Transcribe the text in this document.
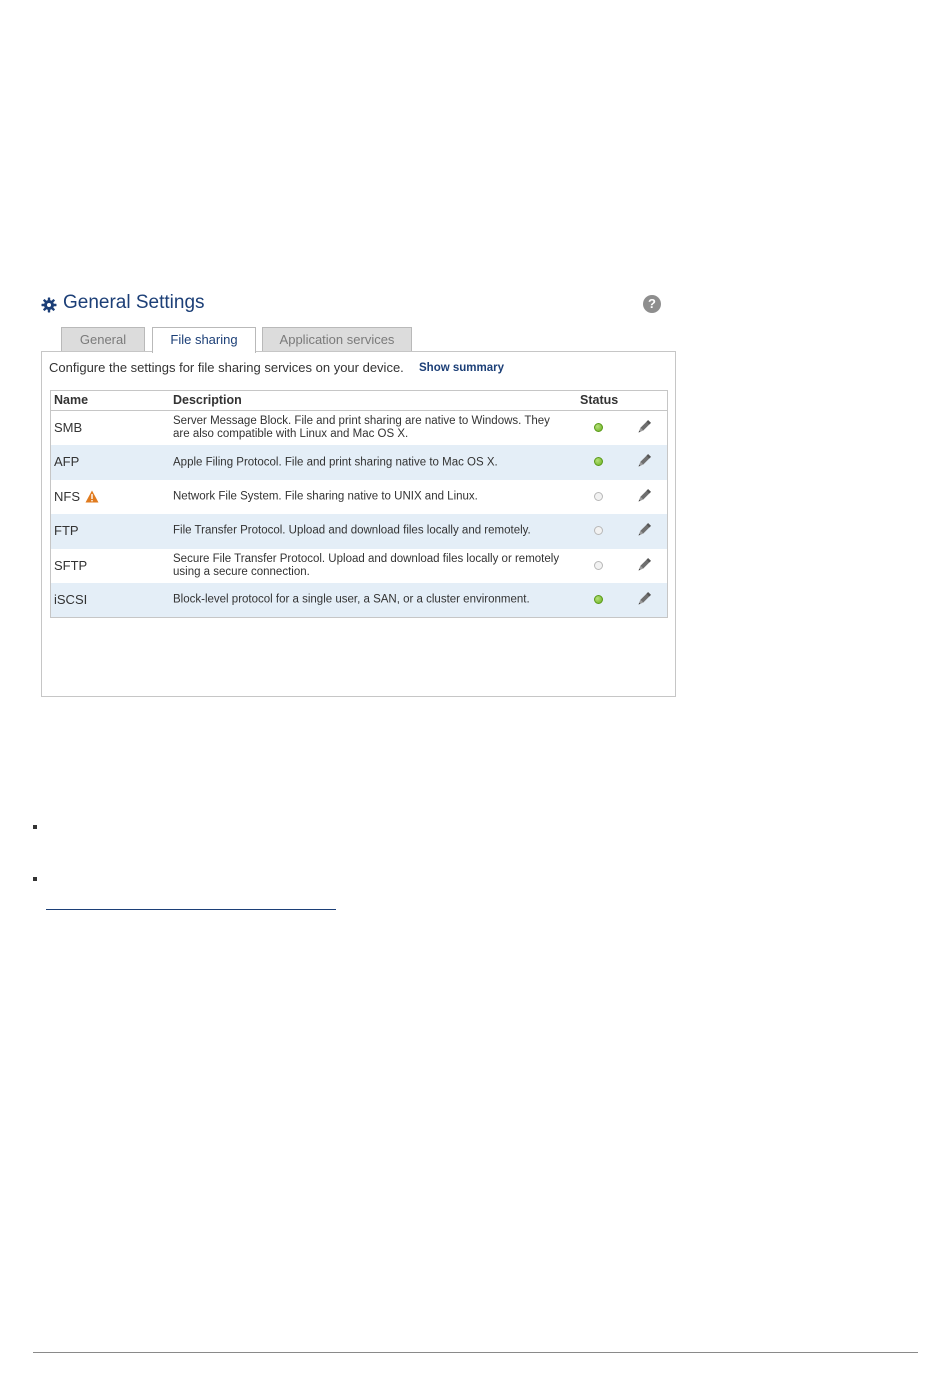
General Settings	?
General	File sharing	Application services
Configure the settings for file sharing services on your device. Show summary
Name	Description	Status
SMB	Server Message Block. File and print sharing are native to Windows. They are also compatible with Linux and Mac OS X.
AFP	Apple Filing Protocol. File and print sharing native to Mac OS X.
NFS	Network File System. File sharing native to UNIX and Linux.
FTP	File Transfer Protocol. Upload and download files locally and remotely.
SFTP	Secure File Transfer Protocol. Upload and download files locally or remotely using a secure connection.
iSCSI	Block-level protocol for a single user, a SAN, or a cluster environment.
